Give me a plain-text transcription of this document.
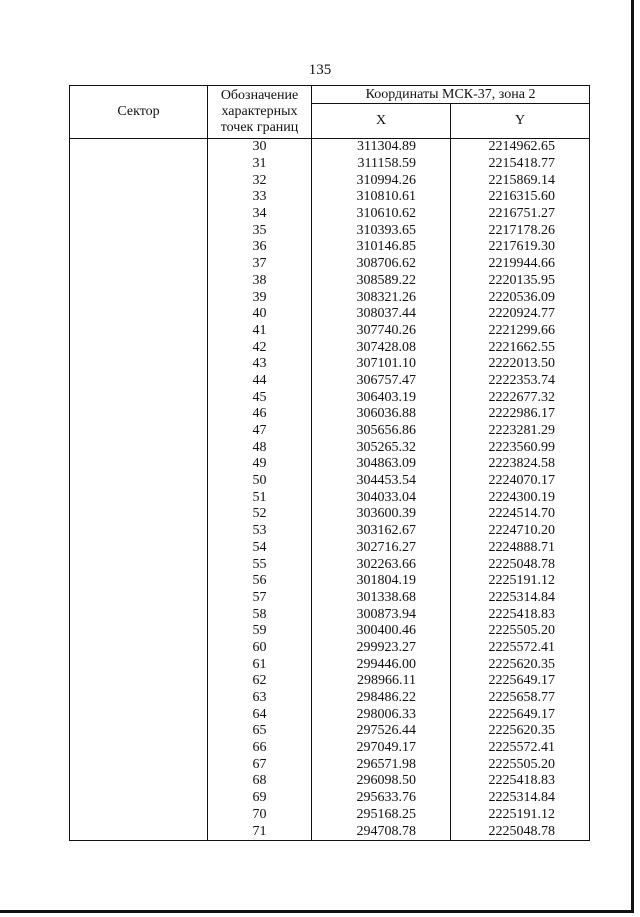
135
Сектор	Обозначение характерных точек границ	Координаты МСК-37, зона 2	
		X	Y
	30	311304.89	2214962.65
	31	311158.59	2215418.77
	32	310994.26	2215869.14
	33	310810.61	2216315.60
	34	310610.62	2216751.27
	35	310393.65	2217178.26
	36	310146.85	2217619.30
	37	308706.62	2219944.66
	38	308589.22	2220135.95
	39	308321.26	2220536.09
	40	308037.44	2220924.77
	41	307740.26	2221299.66
	42	307428.08	2221662.55
	43	307101.10	2222013.50
	44	306757.47	2222353.74
	45	306403.19	2222677.32
	46	306036.88	2222986.17
	47	305656.86	2223281.29
	48	305265.32	2223560.99
	49	304863.09	2223824.58
	50	304453.54	2224070.17
	51	304033.04	2224300.19
	52	303600.39	2224514.70
	53	303162.67	2224710.20
	54	302716.27	2224888.71
	55	302263.66	2225048.78
	56	301804.19	2225191.12
	57	301338.68	2225314.84
	58	300873.94	2225418.83
	59	300400.46	2225505.20
	60	299923.27	2225572.41
	61	299446.00	2225620.35
	62	298966.11	2225649.17
	63	298486.22	2225658.77
	64	298006.33	2225649.17
	65	297526.44	2225620.35
	66	297049.17	2225572.41
	67	296571.98	2225505.20
	68	296098.50	2225418.83
	69	295633.76	2225314.84
	70	295168.25	2225191.12
	71	294708.78	2225048.78
